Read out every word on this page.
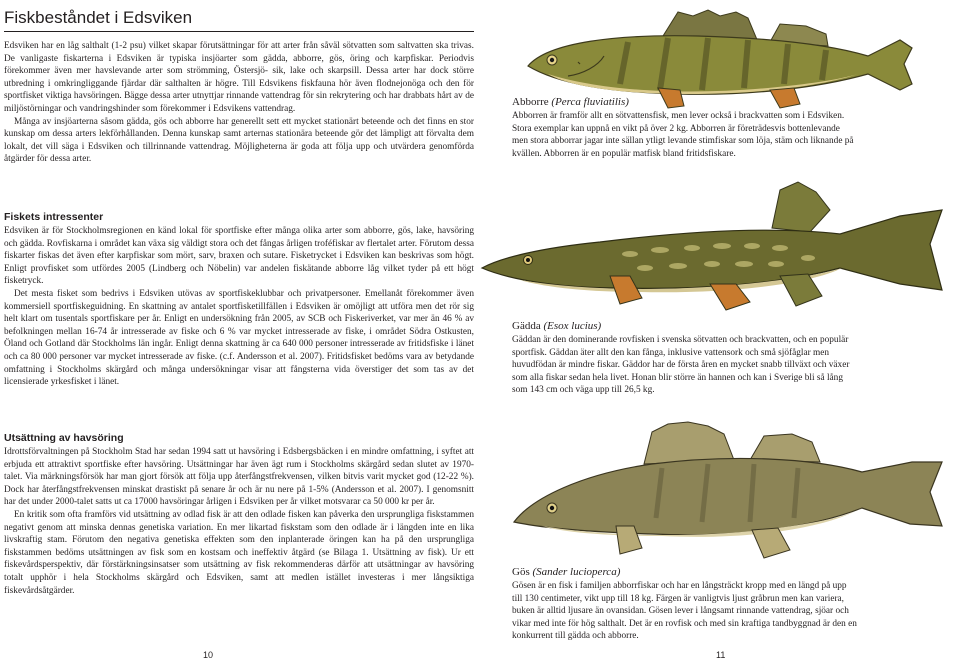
Fiskbeståndet i Edsviken

Edsviken har en låg salthalt (1-2 psu) vilket skapar förutsättningar för att arter från såväl sötvatten som saltvatten ska trivas. De vanligaste fiskarterna i Edsviken är typiska insjöarter som gädda, abborre, gös, öring och karpfiskar. Periodvis förekommer även mer havslevande arter som strömming, Östersjö- sik, lake och skarpsill. Dessa arter har dock större utbredning i omkringliggande fjärdar där salthalten är högre. Till Edsvikens fiskfauna hör även flodnejonöga och den för sportfisket viktiga havsöringen. Bägge dessa arter utnyttjar rinnande vattendrag för sin rekrytering och har drabbats hårt av de miljöstörningar och vandringshinder som förekommer i Edsvikens vattendrag.

Många av insjöarterna såsom gädda, gös och abborre har generellt sett ett mycket stationärt beteende och det finns en stor kunskap om dessa arters lekförhållanden. Denna kunskap samt arternas stationära beteende gör det lämpligt att förvalta dem lokalt, det vill säga i Edsviken och tillrinnande vattendrag. Möjligheterna är goda att följa upp och utvärdera genomförda åtgärder för dessa arter.

Fiskets intressenter

Edsviken är för Stockholmsregionen en känd lokal för sportfiske efter många olika arter som abborre, gös, lake, havsöring och gädda. Rovfiskarna i området kan växa sig väldigt stora och det fångas årligen troféfiskar av flertalet arter. Förutom dessa fiskarter fiskas det även efter karpfiskar som mört, sarv, braxen och sutare. Fisketrycket i Edsviken kan beskrivas som högt. Enligt provfisket som utfördes 2005 (Lindberg och Nöbelin) var andelen fiskätande abborre låg vilket tyder på ett högt fisketryck.

Det mesta fisket som bedrivs i Edsviken utövas av sportfiskeklubbar och privatpersoner. Emellanåt förekommer även kommersiell sportfiskeguidning. En skattning av antalet sportfisketillfällen i Edsviken är omöjligt att utföra men det rör sig helt klart om tusentals sportfiskare per år. Enligt en undersökning från 2005, av SCB och Fiskeriverket, var mer än 46 % av befolkningen mellan 16-74 år intresserade av fiske och 6 % var mycket intresserade av fiske, i området Södra Ostkusten, Öland och Gotland där Stockholms län ingår. Enligt denna skattning är ca 640 000 personer intresserade av fritidsfiske i länet och ca 80 000 personer var mycket intresserade av fiske. (c.f. Andersson et al. 2007). Fritidsfisket bedöms vara av betydande omfattning i Stockholms skärgård och många undersökningar visar att fångsterna vida överstiger det som tas av det licensierade yrkesfisket i länet.

Utsättning av havsöring

Idrottsförvaltningen på Stockholm Stad har sedan 1994 satt ut havsöring i Edsbergsbäcken i en mindre omfattning, i syftet att erbjuda ett attraktivt sportfiske efter havsöring. Utsättningar har även ägt rum i Stockholms skärgård sedan slutet av 1970-talet. Via märkningsförsök har man gjort försök att följa upp återfångstfrekvensen, vilken bitvis varit mycket god (12-22 %). Dock har återfångstfrekvensen minskat drastiskt på senare år och är nu nere på 1-5% (Andersson et al. 2007). I genomsnitt har det under 2000-talet satts ut ca 17000 havsöringar årligen i Edsviken per år vilket motsvarar ca 50 000 kr per år.

En kritik som ofta framförs vid utsättning av odlad fisk är att den odlade fisken kan påverka den ursprungliga fiskstammen negativt genom att minska dennas genetiska variation. En mer likartad fiskstam som den odlade är i längden inte en lika livskraftig stam. Förutom den negativa genetiska effekten som den inplanterade öringen kan ha på den ursprungliga fiskstammen bedöms utsättningen av fisk som en kostsam och ineffektiv åtgärd (se Bilaga 1. Utsättning av fisk). Ur ett fiskevårdsperspektiv, där förstärkningsinsatser som utsättning av fisk rekommenderas därför att utsättningar av havsöring totalt upphör i hela Stockholms skärgård och Edsviken, samt att medlen istället investeras i mer långsiktiga fiskevårdsåtgärder.

Abborre (Perca fluviatilis)

Abborren är framför allt en sötvattensfisk, men lever också i brackvatten som i Edsviken. Stora exemplar kan uppnå en vikt på över 2 kg. Abborren är företrädesvis bottenlevande men stora abborrar jagar inte sällan ytligt levande stimfiskar som löja, stäm och liknande på kvällen. Abborren är en populär matfisk bland fritidsfiskare.

Gädda (Esox lucius)

Gäddan är den dominerande rovfisken i svenska sötvatten och brackvatten, och en populär sportfisk. Gäddan äter allt den kan fånga, inklusive vattensork och små sjöfåglar men huvudfödan är mindre fiskar. Gäddor har de första åren en mycket snabb tillväxt och växer som alla fiskar sedan hela livet. Honan blir större än hannen och kan i Sverige bli så lång som 143 cm och väga upp till 26,5 kg.

Gös (Sander lucioperca)

Gösen är en fisk i familjen abborrfiskar och har en långsträckt kropp med en längd på upp till 130 centimeter, vikt upp till 18 kg. Färgen är vanligtvis ljust gråbrun men kan variera, buken är alltid ljusare än ovansidan. Gösen lever i långsamt rinnande vattendrag, sjöar och vikar med inte för hög salthalt. Det är en rovfisk och med sin kraftiga tandbyggnad är den en konkurrent till gädda och abborre.

10	11
